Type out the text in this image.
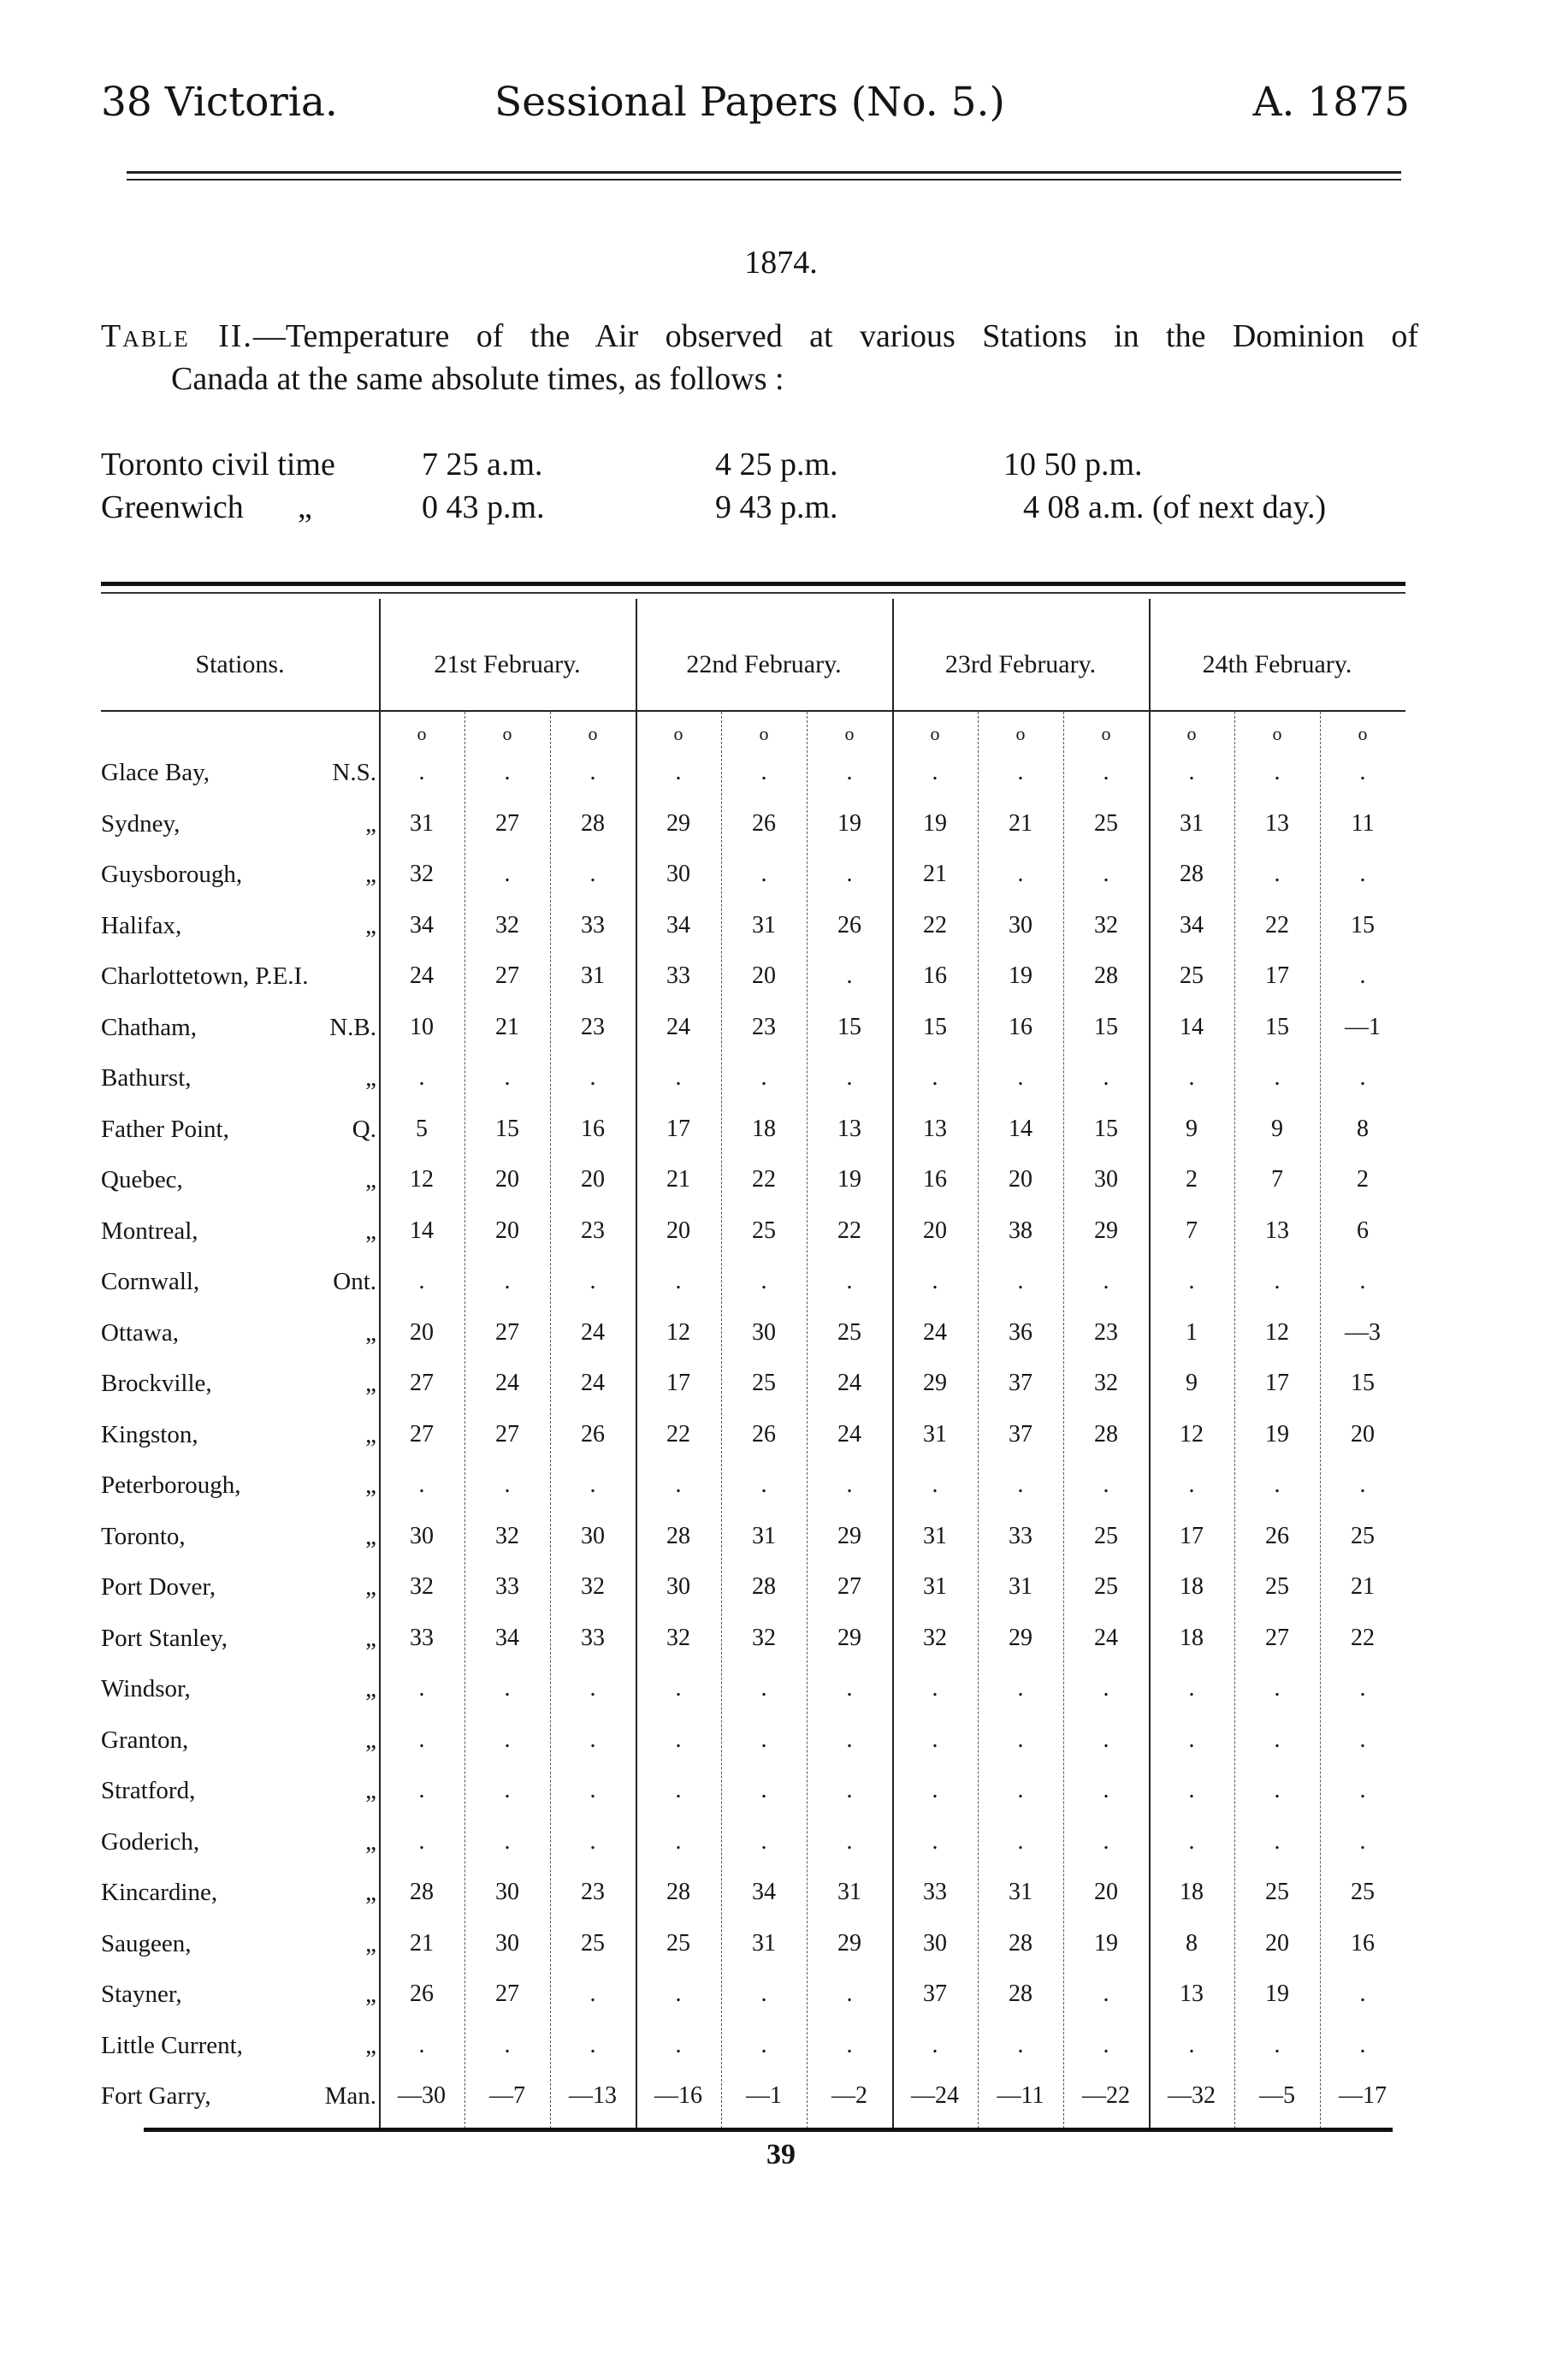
38 Victoria.	Sessional Papers (No. 5.)	A. 1875
1874.
Table II.—Temperature of the Air observed at various Stations in the Dominion of
Canada at the same absolute times, as follows :
Toronto civil time	7 25 a.m.	4 25 p.m.	10 50 p.m.
Greenwich „	0 43 p.m.	9 43 p.m.	4 08 a.m. (of next day.)
Stations.	21st February.	22nd February.	23rd February.	24th February.
o	o	o	o	o	o	o	o	o	o	o	o
Glace Bay,	N.S.	.	.	.	.	.	.	.	.	.	.	.	.
Sydney,	„	31	27	28	29	26	19	19	21	25	31	13	11
Guysborough,	„	32	.	.	30	.	.	21	.	.	28	.	.
Halifax,	„	34	32	33	34	31	26	22	30	32	34	22	15
Charlottetown, P.E.I.	24	27	31	33	20	.	16	19	28	25	17	.
Chatham,	N.B.	10	21	23	24	23	15	15	16	15	14	15	—1
Bathurst,	„	.	.	.	.	.	.	.	.	.	.	.	.
Father Point,	Q.	5	15	16	17	18	13	13	14	15	9	9	8
Quebec,	„	12	20	20	21	22	19	16	20	30	2	7	2
Montreal,	„	14	20	23	20	25	22	20	38	29	7	13	6
Cornwall,	Ont.	.	.	.	.	.	.	.	.	.	.	.	.
Ottawa,	„	20	27	24	12	30	25	24	36	23	1	12	—3
Brockville,	„	27	24	24	17	25	24	29	37	32	9	17	15
Kingston,	„	27	27	26	22	26	24	31	37	28	12	19	20
Peterborough,	„	.	.	.	.	.	.	.	.	.	.	.	.
Toronto,	„	30	32	30	28	31	29	31	33	25	17	26	25
Port Dover,	„	32	33	32	30	28	27	31	31	25	18	25	21
Port Stanley,	„	33	34	33	32	32	29	32	29	24	18	27	22
Windsor,	„	.	.	.	.	.	.	.	.	.	.	.	.
Granton,	„	.	.	.	.	.	.	.	.	.	.	.	.
Stratford,	„	.	.	.	.	.	.	.	.	.	.	.	.
Goderich,	„	.	.	.	.	.	.	.	.	.	.	.	.
Kincardine,	„	28	30	23	28	34	31	33	31	20	18	25	25
Saugeen,	„	21	30	25	25	31	29	30	28	19	8	20	16
Stayner,	„	26	27	.	.	.	.	37	28	.	13	19	.
Little Current,	„	.	.	.	.	.	.	.	.	.	.	.	.
Fort Garry,	Man. —30	—7	—13	—16	—1	—2	—24	—11	—22	—32	—5	—17
39
